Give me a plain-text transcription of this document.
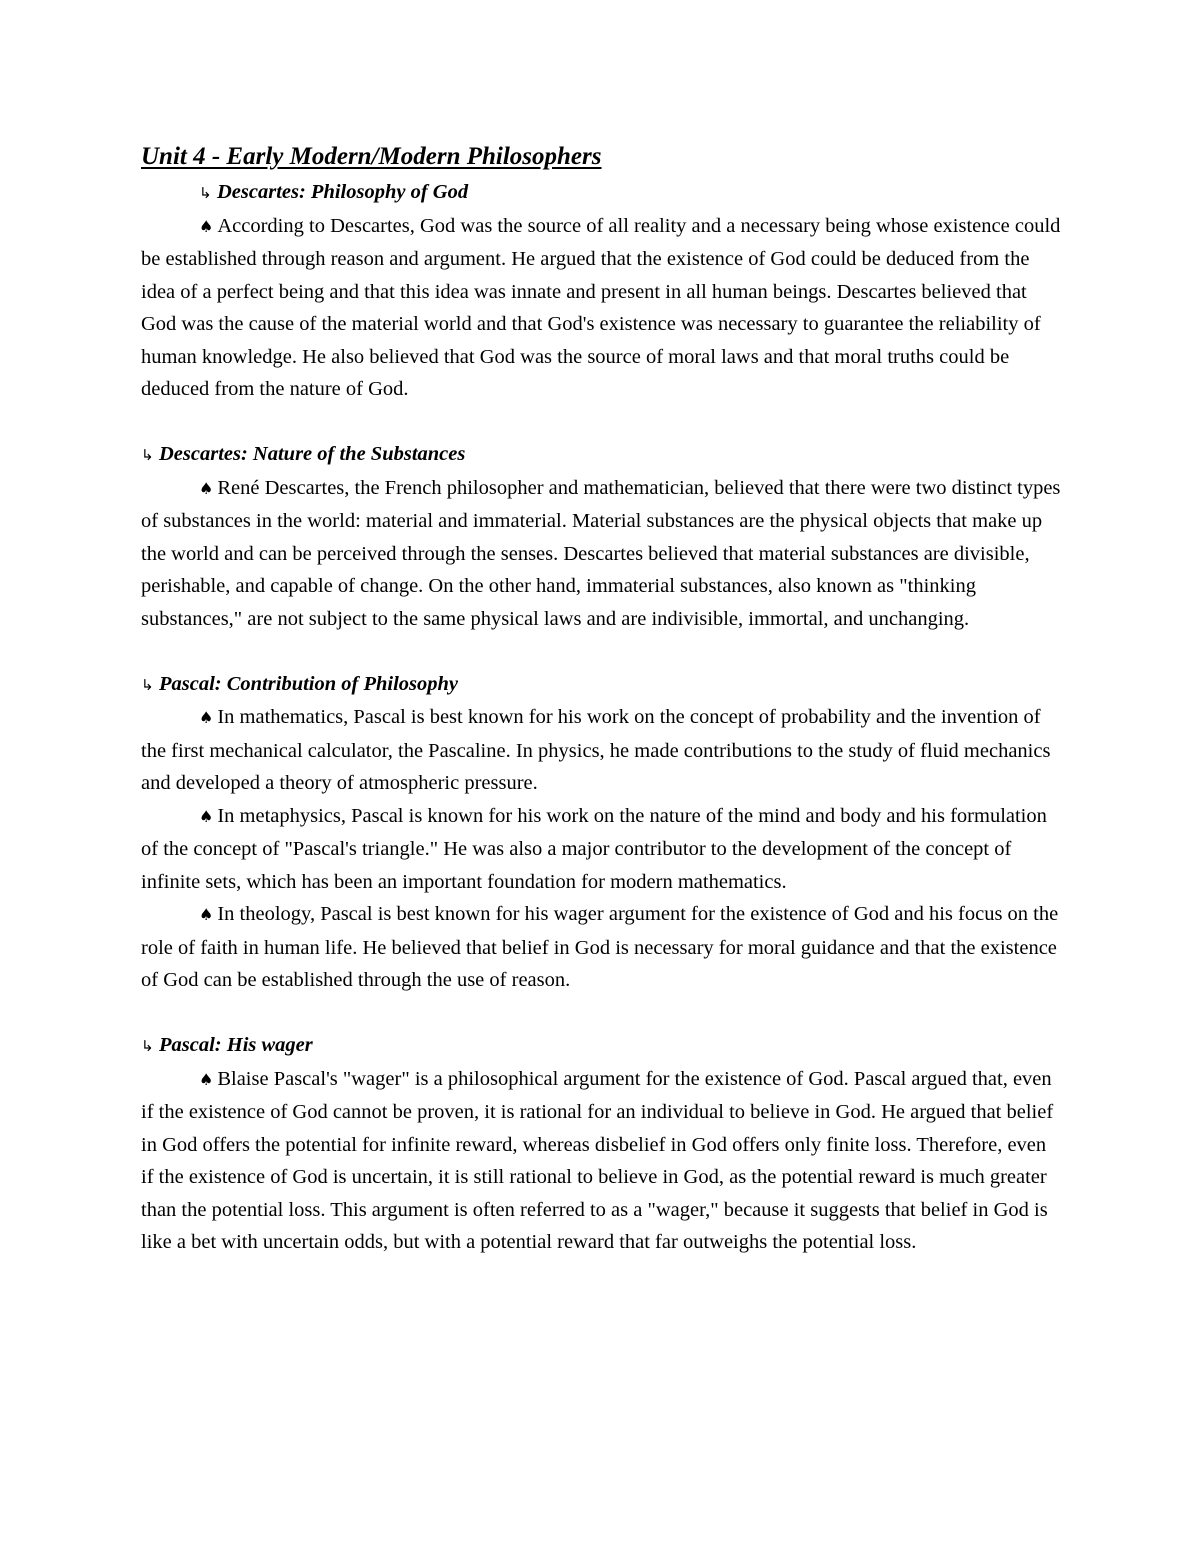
Unit 4 - Early Modern/Modern Philosophers

↳ Descartes: Philosophy of God

♠ According to Descartes, God was the source of all reality and a necessary being whose existence could be established through reason and argument. He argued that the existence of God could be deduced from the idea of a perfect being and that this idea was innate and present in all human beings. Descartes believed that God was the cause of the material world and that God's existence was necessary to guarantee the reliability of human knowledge. He also believed that God was the source of moral laws and that moral truths could be deduced from the nature of God.

↳ Descartes: Nature of the Substances

♠ René Descartes, the French philosopher and mathematician, believed that there were two distinct types of substances in the world: material and immaterial. Material substances are the physical objects that make up the world and can be perceived through the senses. Descartes believed that material substances are divisible, perishable, and capable of change. On the other hand, immaterial substances, also known as "thinking substances," are not subject to the same physical laws and are indivisible, immortal, and unchanging.

↳ Pascal: Contribution of Philosophy

♠ In mathematics, Pascal is best known for his work on the concept of probability and the invention of the first mechanical calculator, the Pascaline. In physics, he made contributions to the study of fluid mechanics and developed a theory of atmospheric pressure.

♠ In metaphysics, Pascal is known for his work on the nature of the mind and body and his formulation of the concept of "Pascal's triangle." He was also a major contributor to the development of the concept of infinite sets, which has been an important foundation for modern mathematics.

♠ In theology, Pascal is best known for his wager argument for the existence of God and his focus on the role of faith in human life. He believed that belief in God is necessary for moral guidance and that the existence of God can be established through the use of reason.

↳ Pascal: His wager

♠ Blaise Pascal's "wager" is a philosophical argument for the existence of God. Pascal argued that, even if the existence of God cannot be proven, it is rational for an individual to believe in God. He argued that belief in God offers the potential for infinite reward, whereas disbelief in God offers only finite loss. Therefore, even if the existence of God is uncertain, it is still rational to believe in God, as the potential reward is much greater than the potential loss. This argument is often referred to as a "wager," because it suggests that belief in God is like a bet with uncertain odds, but with a potential reward that far outweighs the potential loss.
